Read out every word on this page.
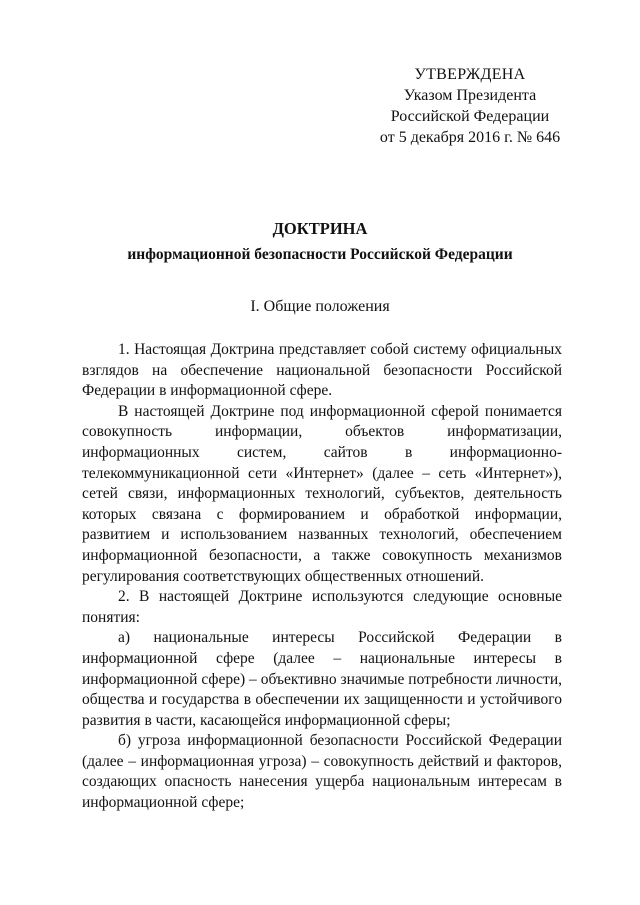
УТВЕРЖДЕНА
Указом Президента
Российской Федерации
от 5 декабря 2016 г. № 646
ДОКТРИНА
информационной безопасности Российской Федерации
I. Общие положения

1. Настоящая Доктрина представляет собой систему официальных взглядов на обеспечение национальной безопасности Российской Федерации в информационной сфере.

В настоящей Доктрине под информационной сферой понимается совокупность информации, объектов информатизации, информационных систем, сайтов в информационно-телекоммуникационной сети «Интернет» (далее – сеть «Интернет»), сетей связи, информационных технологий, субъектов, деятельность которых связана с формированием и обработкой информации, развитием и использованием названных технологий, обеспечением информационной безопасности, а также совокупность механизмов регулирования соответствующих общественных отношений.

2. В настоящей Доктрине используются следующие основные понятия:

а) национальные интересы Российской Федерации в информационной сфере (далее – национальные интересы в информационной сфере) – объективно значимые потребности личности, общества и государства в обеспечении их защищенности и устойчивого развития в части, касающейся информационной сферы;

б) угроза информационной безопасности Российской Федерации (далее – информационная угроза) – совокупность действий и факторов, создающих опасность нанесения ущерба национальным интересам в информационной сфере;
